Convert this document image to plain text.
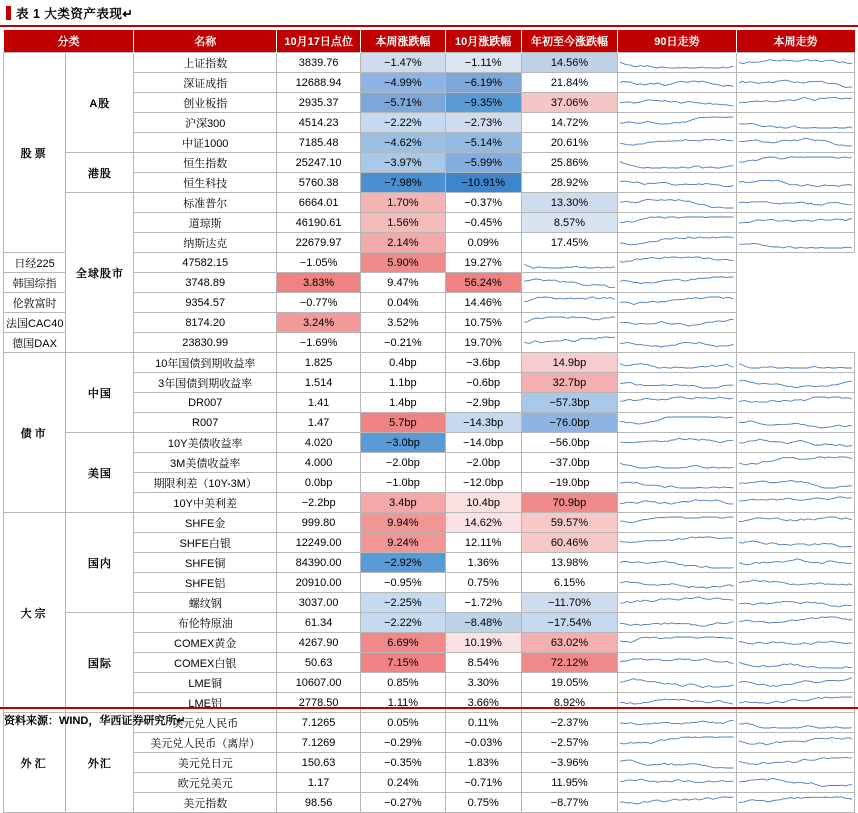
表 1 大类资产表现↵
分类		名称	10月17日点位	本周涨跌幅	10月涨跌幅	年初至今涨跌幅	90日走势	本周走势
股票	A股	上证指数	3839.76	−1.47%	−1.11%	14.56%	

		深证成指	12688.94	−4.99%	−6.19%	21.84%	

		创业板指	2935.37	−5.71%	−9.35%	37.06%	

		沪深300	4514.23	−2.22%	−2.73%	14.72%	

		中证1000	7185.48	−4.62%	−5.14%	20.61%	

	港股	恒生指数	25247.10	−3.97%	−5.99%	25.86%	

		恒生科技	5760.38	−7.98%	−10.91%	28.92%	

	全球股市	标准普尔	6664.01	1.70%	−0.37%	13.30%	

		道琼斯	46190.61	1.56%	−0.45%	8.57%	

		纳斯达克	22679.97	2.14%	0.09%	17.45%	

日经225		47582.15	−1.05%	5.90%	19.27%	

韩国综指		3748.89	3.83%	9.47%	56.24%	

伦敦富时		9354.57	−0.77%	0.04%	14.46%	

法国CAC40		8174.20	3.24%	3.52%	10.75%	

德国DAX		23830.99	−1.69%	−0.21%	19.70%	

债市	中国	10年国债到期收益率	1.825	0.4bp	−3.6bp	14.9bp	

		3年国债到期收益率	1.514	1.1bp	−0.6bp	32.7bp	

		DR007	1.41	1.4bp	−2.9bp	−57.3bp	

		R007	1.47	5.7bp	−14.3bp	−76.0bp	

	美国	10Y美债收益率	4.020	−3.0bp	−14.0bp	−56.0bp	

		3M美债收益率	4.000	−2.0bp	−2.0bp	−37.0bp	

		期限利差（10Y-3M）	0.0bp	−1.0bp	−12.0bp	−19.0bp	

		10Y中美利差	−2.2bp	3.4bp	10.4bp	70.9bp	

大宗	国内	SHFE金	999.80	9.94%	14.62%	59.57%	

		SHFE白银	12249.00	9.24%	12.11%	60.46%	

		SHFE铜	84390.00	−2.92%	1.36%	13.98%	

		SHFE铝	20910.00	−0.95%	0.75%	6.15%	

		螺纹钢	3037.00	−2.25%	−1.72%	−11.70%	

	国际	布伦特原油	61.34	−2.22%	−8.48%	−17.54%	

		COMEX黄金	4267.90	6.69%	10.19%	63.02%	

		COMEX白银	50.63	7.15%	8.54%	72.12%	

		LME铜	10607.00	0.85%	3.30%	19.05%	

		LME铝	2778.50	1.11%	3.66%	8.92%	

外汇	外汇	美元兑人民币	7.1265	0.05%	0.11%	−2.37%	

		美元兑人民币（离岸）	7.1269	−0.29%	−0.03%	−2.57%	

		美元兑日元	150.63	−0.35%	1.83%	−3.96%	

		欧元兑美元	1.17	0.24%	−0.71%	11.95%	

		美元指数	98.56	−0.27%	0.75%	−8.77%	

资料来源：WIND，华西证券研究所↵
